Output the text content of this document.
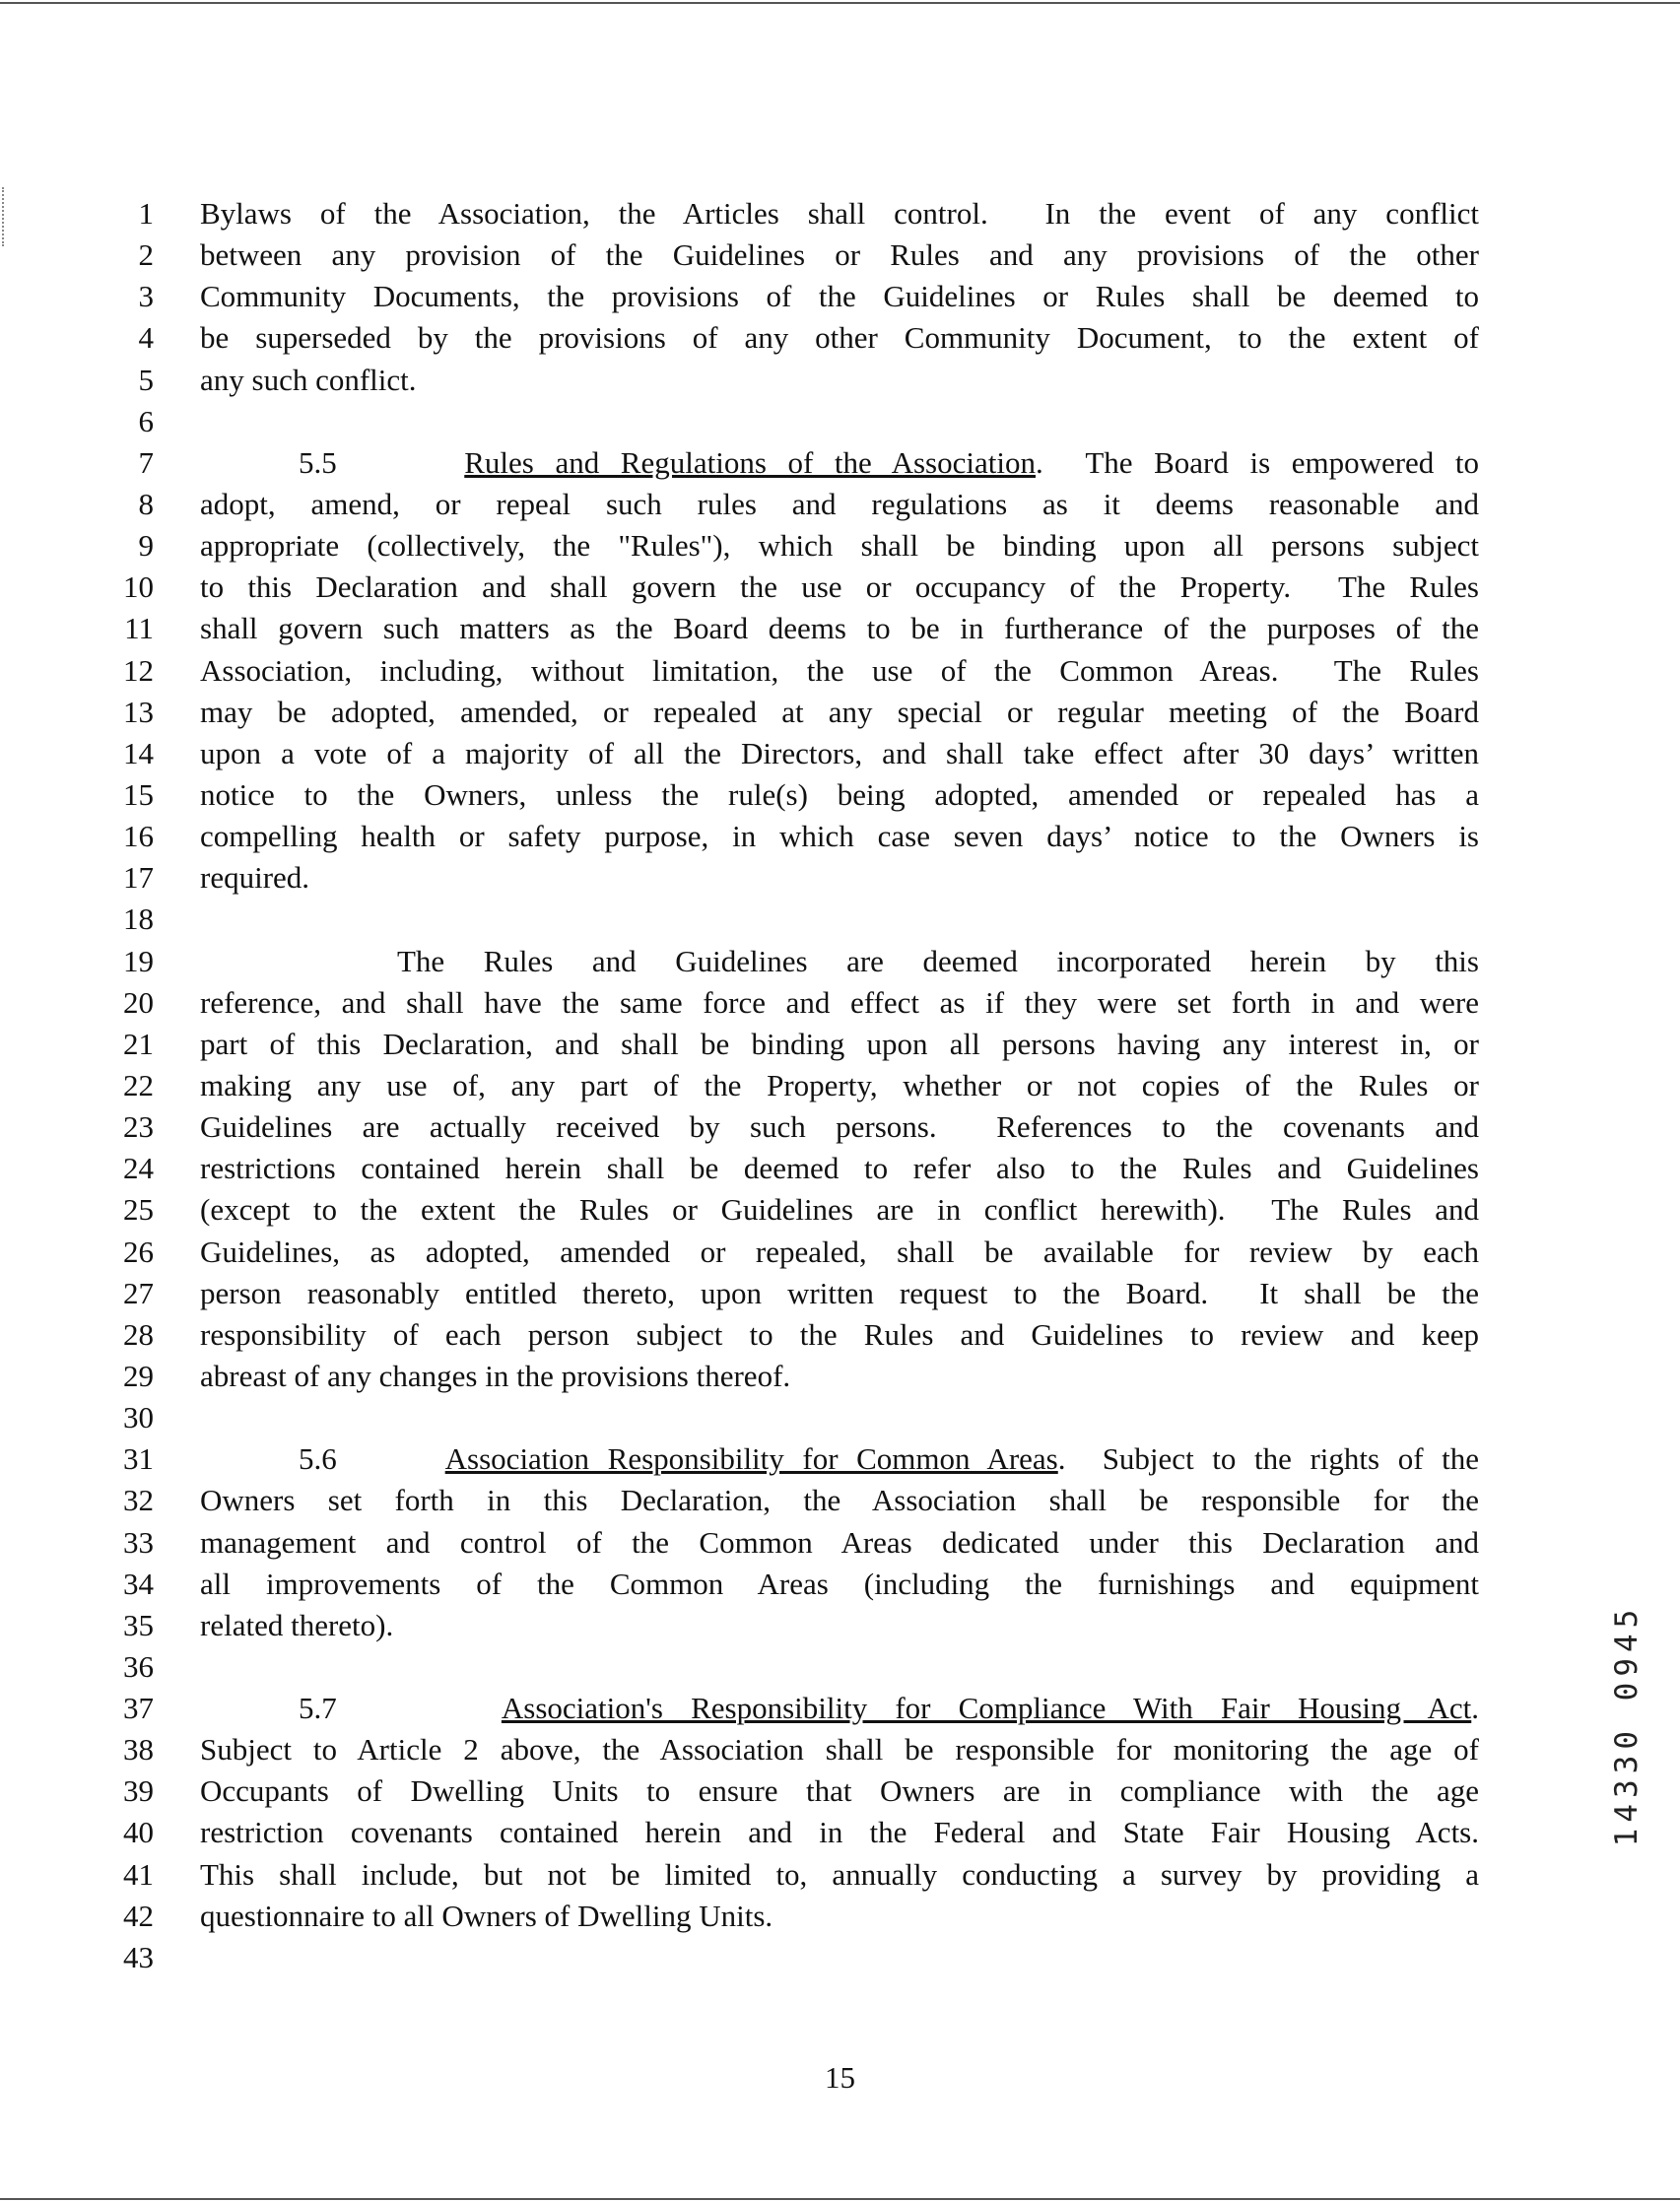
1 Bylaws of the Association, the Articles shall control.  In the event of any conflict
2 between any provision of the Guidelines or Rules and any provisions of the other
3 Community Documents, the provisions of the Guidelines or Rules shall be deemed to
4 be superseded by the provisions of any other Community Document, to the extent of
5 any such conflict.
6
7	5.5      Rules and Regulations of the Association.  The Board is empowered to
8 adopt, amend, or repeal such rules and regulations as it deems reasonable and
9 appropriate (collectively, the "Rules"), which shall be binding upon all persons subject
10 to this Declaration and shall govern the use or occupancy of the Property.  The Rules
11 shall govern such matters as the Board deems to be in furtherance of the purposes of the
12 Association, including, without limitation, the use of the Common Areas.  The Rules
13 may be adopted, amended, or repealed at any special or regular meeting of the Board
14 upon a vote of a majority of all the Directors, and shall take effect after 30 days’ written
15 notice to the Owners, unless the rule(s) being adopted, amended or repealed has a
16 compelling health or safety purpose, in which case seven days’ notice to the Owners is
17 required.
18
19	The Rules and Guidelines are deemed incorporated herein by this
20 reference, and shall have the same force and effect as if they were set forth in and were
21 part of this Declaration, and shall be binding upon all persons having any interest in, or
22 making any use of, any part of the Property, whether or not copies of the Rules or
23 Guidelines are actually received by such persons.  References to the covenants and
24 restrictions contained herein shall be deemed to refer also to the Rules and Guidelines
25 (except to the extent the Rules or Guidelines are in conflict herewith).  The Rules and
26 Guidelines, as adopted, amended or repealed, shall be available for review by each
27 person reasonably entitled thereto, upon written request to the Board.  It shall be the
28 responsibility of each person subject to the Rules and Guidelines to review and keep
29 abreast of any changes in the provisions thereof.
30
31	5.6      Association Responsibility for Common Areas.  Subject to the rights of the
32 Owners set forth in this Declaration, the Association shall be responsible for the
33 management and control of the Common Areas dedicated under this Declaration and
34 all improvements of the Common Areas (including the furnishings and equipment
35 related thereto).
36
37	5.7      Association's Responsibility for Compliance With Fair Housing Act.
38 Subject to Article 2 above, the Association shall be responsible for monitoring the age of
39 Occupants of Dwelling Units to ensure that Owners are in compliance with the age
40 restriction covenants contained herein and in the Federal and State Fair Housing Acts.
41 This shall include, but not be limited to, annually conducting a survey by providing a
42 questionnaire to all Owners of Dwelling Units.
43
14330 0945
15
